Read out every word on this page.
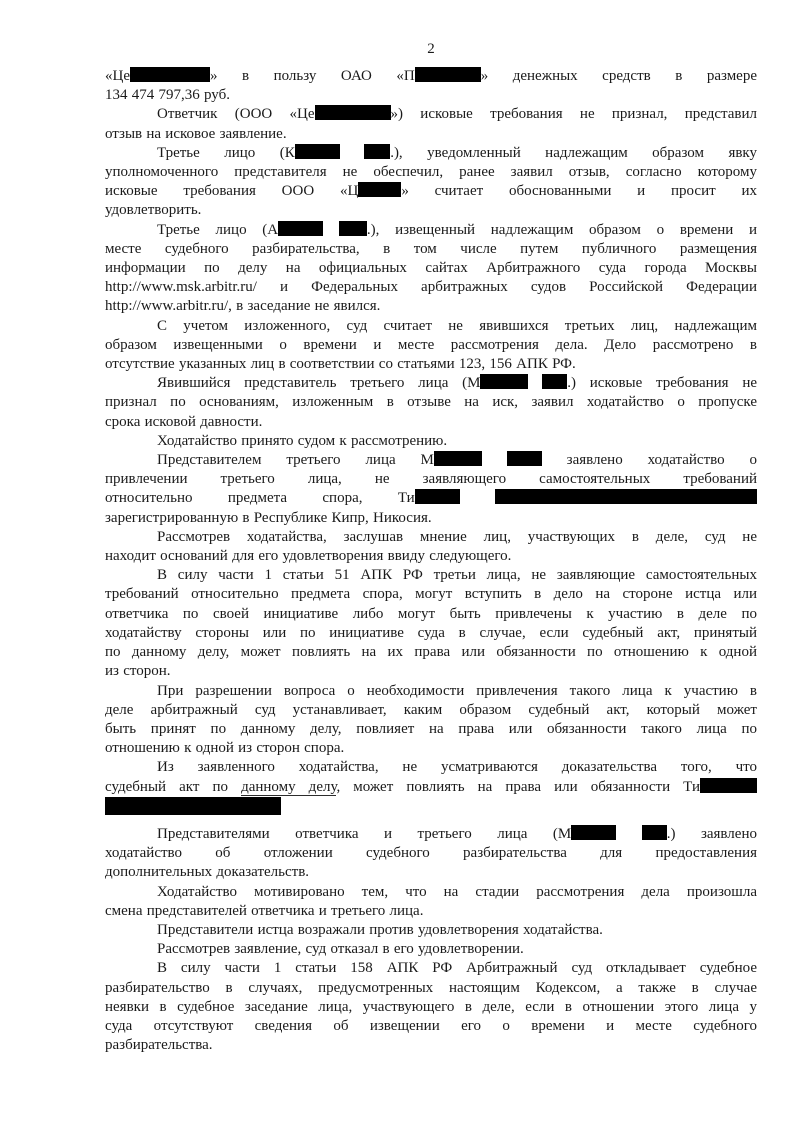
2
«Це	» в пользу ОАО «П	» денежных средств в размере
134 474 797,36 руб.
Ответчик (ООО «Це	») исковые требования не признал, представил
отзыв на исковое заявление.
Третье лицо (К	.), уведомленный надлежащим образом явку
уполномоченного представителя не обеспечил, ранее заявил отзыв, согласно которому
исковые требования ООО «Ц	» считает обоснованными и просит их
удовлетворить.
Третье лицо (А	.), извещенный надлежащим образом о времени и
месте судебного разбирательства, в том числе путем публичного размещения
информации по делу на официальных сайтах Арбитражного суда города Москвы
http://www.msk.arbitr.ru/ и Федеральных арбитражных судов Российской Федерации
http://www.arbitr.ru/, в заседание не явился.
С учетом изложенного, суд считает не явившихся третьих лиц, надлежащим
образом извещенными о времени и месте рассмотрения дела. Дело рассмотрено в
отсутствие указанных лиц в соответствии со статьями 123, 156 АПК РФ.
Явившийся представитель третьего лица (М	.) исковые требования не
признал по основаниям, изложенным в отзыве на иск, заявил ходатайство о пропуске
срока исковой давности.
Ходатайство принято судом к рассмотрению.
Представителем третьего лица М	заявлено ходатайство о
привлечении третьего лица, не заявляющего самостоятельных требований
относительно предмета спора, Ти
зарегистрированную в Республике Кипр, Никосия.
Рассмотрев ходатайства, заслушав мнение лиц, участвующих в деле, суд не
находит оснований для его удовлетворения ввиду следующего.
В силу части 1 статьи 51 АПК РФ третьи лица, не заявляющие самостоятельных
требований относительно предмета спора, могут вступить в дело на стороне истца или
ответчика по своей инициативе либо могут быть привлечены к участию в деле по
ходатайству стороны или по инициативе суда в случае, если судебный акт, принятый
по данному делу, может повлиять на их права или обязанности по отношению к одной
из сторон.
При разрешении вопроса о необходимости привлечения такого лица к участию в
деле арбитражный суд устанавливает, каким образом судебный акт, который может
быть принят по данному делу, повлияет на права или обязанности такого лица по
отношению к одной из сторон спора.
Из заявленного ходатайства, не усматриваются доказательства того, что
судебный акт по данному делу, может повлиять на права или обязанности Ти
Представителями ответчика и третьего лица (М	.) заявлено
ходатайство об отложении судебного разбирательства для предоставления
дополнительных доказательств.
Ходатайство мотивировано тем, что на стадии рассмотрения дела произошла
смена представителей ответчика и третьего лица.
Представители истца возражали против удовлетворения ходатайства.
Рассмотрев заявление, суд отказал в его удовлетворении.
В силу части 1 статьи 158 АПК РФ Арбитражный суд откладывает судебное
разбирательство в случаях, предусмотренных настоящим Кодексом, а также в случае
неявки в судебное заседание лица, участвующего в деле, если в отношении этого лица у
суда отсутствуют сведения об извещении его о времени и месте судебного
разбирательства.
